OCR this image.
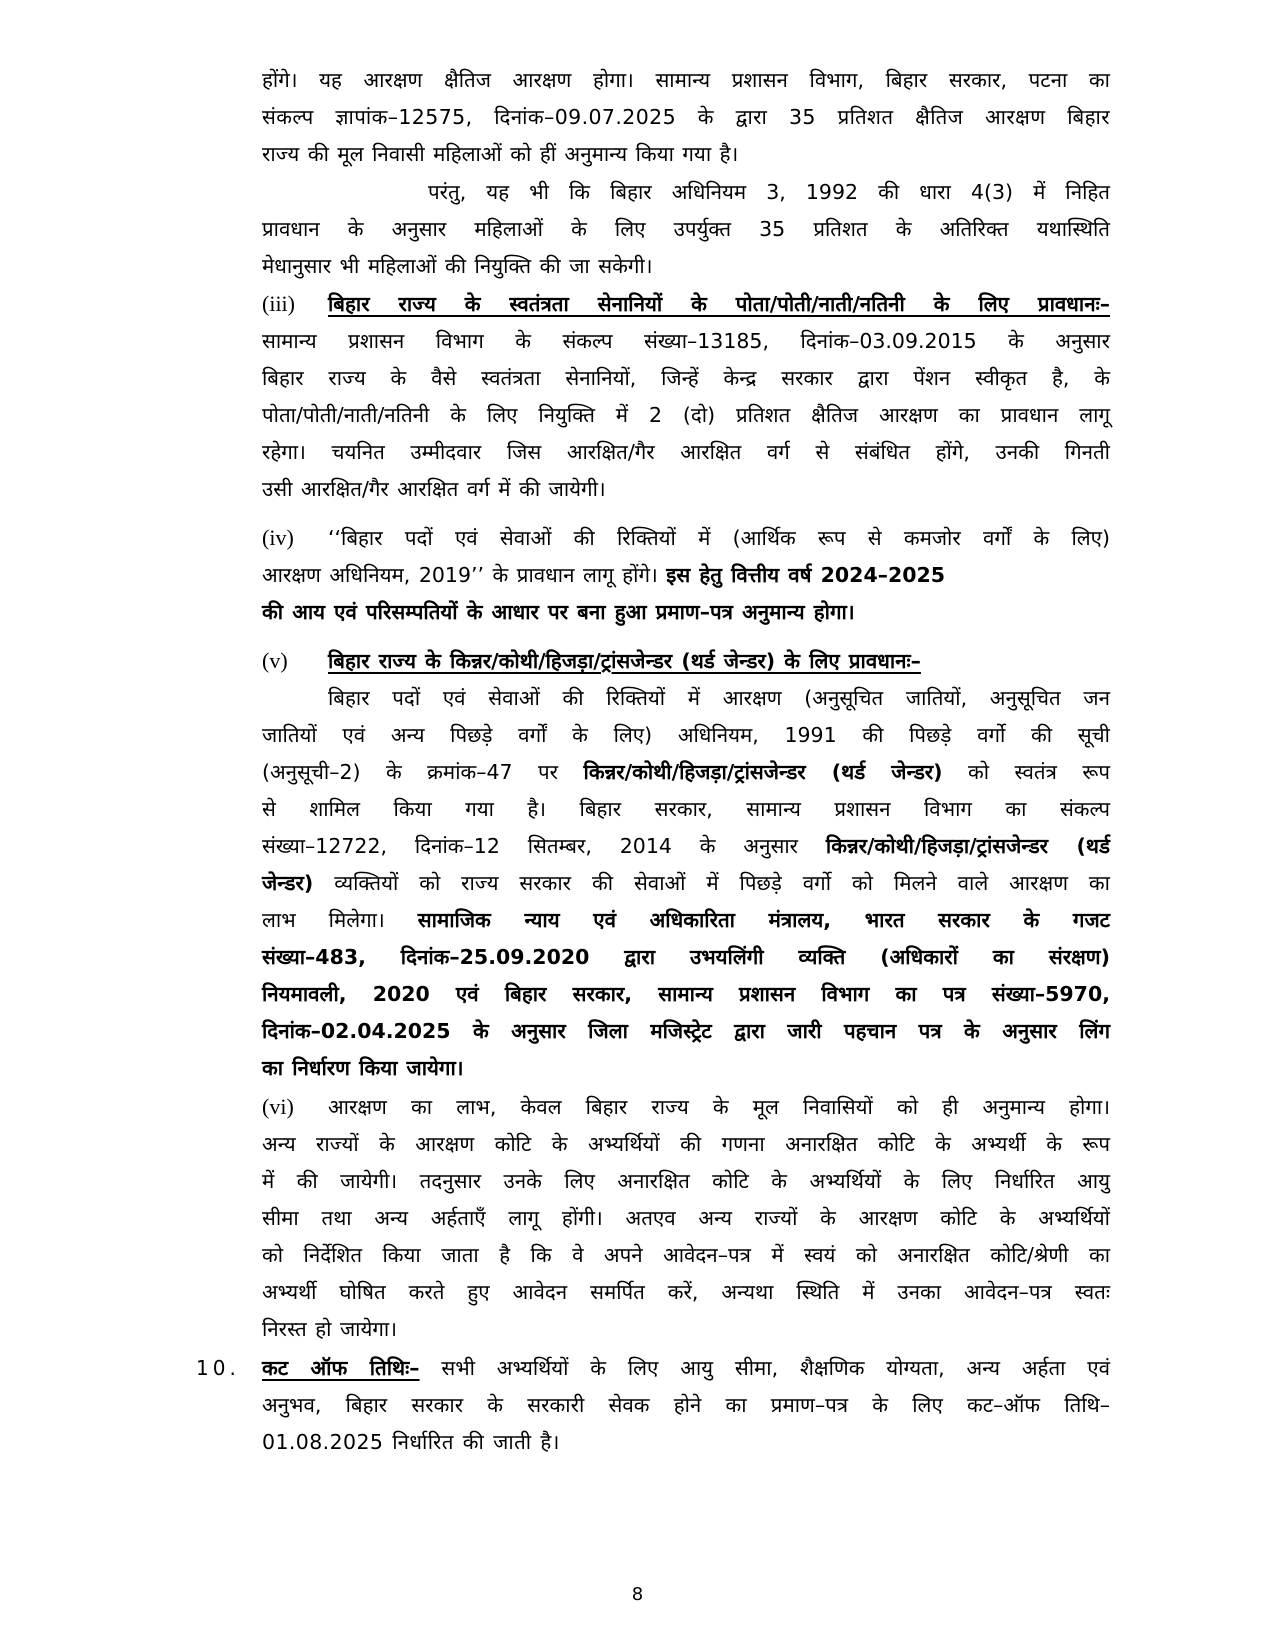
होंगे। यह आरक्षण क्षैतिज आरक्षण होगा। सामान्य प्रशासन विभाग, बिहार सरकार, पटना का
संकल्प ज्ञापांक–12575, दिनांक–09.07.2025 के द्वारा 35 प्रतिशत क्षैतिज आरक्षण बिहार
राज्य की मूल निवासी महिलाओं को हीं अनुमान्य किया गया है।
परंतु, यह भी कि बिहार अधिनियम 3, 1992 की धारा 4(3) में निहित
प्रावधान के अनुसार महिलाओं के लिए उपर्युक्त 35 प्रतिशत के अतिरिक्त यथास्थिति
मेधानुसार भी महिलाओं की नियुक्ति की जा सकेगी।
(iii) बिहार राज्य के स्वतंत्रता सेनानियों के पोता/पोती/नाती/नतिनी के लिए प्रावधानः–
सामान्य प्रशासन विभाग के संकल्प संख्या–13185, दिनांक–03.09.2015 के अनुसार
बिहार राज्य के वैसे स्वतंत्रता सेनानियों, जिन्हें केन्द्र सरकार द्वारा पेंशन स्वीकृत है, के
पोता/पोती/नाती/नतिनी के लिए नियुक्ति में 2 (दो) प्रतिशत क्षैतिज आरक्षण का प्रावधान लागू
रहेगा। चयनित उम्मीदवार जिस आरक्षित/गैर आरक्षित वर्ग से संबंधित होंगे, उनकी गिनती
उसी आरक्षित/गैर आरक्षित वर्ग में की जायेगी।
(iv) ‘‘बिहार पदों एवं सेवाओं की रिक्तियों में (आर्थिक रूप से कमजोर वर्गों के लिए)
आरक्षण अधिनियम, 2019’’ के प्रावधान लागू होंगे। इस हेतु वित्तीय वर्ष 2024–2025
की आय एवं परिसम्पतियों के आधार पर बना हुआ प्रमाण–पत्र अनुमान्य होगा।
(v) बिहार राज्य के किन्नर/कोथी/हिजड़ा/ट्रांसजेन्डर (थर्ड जेन्डर) के लिए प्रावधानः–
बिहार पदों एवं सेवाओं की रिक्तियों में आरक्षण (अनुसूचित जातियों, अनुसूचित जन
जातियों एवं अन्य पिछड़े वर्गों के लिए) अधिनियम, 1991 की पिछड़े वर्गो की सूची
(अनुसूची–2) के क्रमांक–47 पर किन्नर/कोथी/हिजड़ा/ट्रांसजेन्डर (थर्ड जेन्डर) को स्वतंत्र रूप
से शामिल किया गया है। बिहार सरकार, सामान्य प्रशासन विभाग का संकल्प
संख्या–12722, दिनांक–12 सितम्बर, 2014 के अनुसार किन्नर/कोथी/हिजड़ा/ट्रांसजेन्डर (थर्ड
जेन्डर) व्यक्तियों को राज्य सरकार की सेवाओं में पिछड़े वर्गो को मिलने वाले आरक्षण का
लाभ मिलेगा। सामाजिक न्याय एवं अधिकारिता मंत्रालय, भारत सरकार के गजट
संख्या–483, दिनांक–25.09.2020 द्वारा उभयलिंगी व्यक्ति (अधिकारों का संरक्षण)
नियमावली, 2020 एवं बिहार सरकार, सामान्य प्रशासन विभाग का पत्र संख्या–5970,
दिनांक–02.04.2025 के अनुसार जिला मजिस्ट्रेट द्वारा जारी पहचान पत्र के अनुसार लिंग
का निर्धारण किया जायेगा।
(vi) आरक्षण का लाभ, केवल बिहार राज्य के मूल निवासियों को ही अनुमान्य होगा।
अन्य राज्यों के आरक्षण कोटि के अभ्यर्थियों की गणना अनारक्षित कोटि के अभ्यर्थी के रूप
में की जायेगी। तदनुसार उनके लिए अनारक्षित कोटि के अभ्यर्थियों के लिए निर्धारित आयु
सीमा तथा अन्य अर्हताएँ लागू होंगी। अतएव अन्य राज्यों के आरक्षण कोटि के अभ्यर्थियों
को निर्देशित किया जाता है कि वे अपने आवेदन–पत्र में स्वयं को अनारक्षित कोटि/श्रेणी का
अभ्यर्थी घोषित करते हुए आवेदन समर्पित करें, अन्यथा स्थिति में उनका आवेदन–पत्र स्वतः
निरस्त हो जायेगा।
10. कट ऑफ तिथिः– सभी अभ्यर्थियों के लिए आयु सीमा, शैक्षणिक योग्यता, अन्य अर्हता एवं
अनुभव, बिहार सरकार के सरकारी सेवक होने का प्रमाण–पत्र के लिए कट–ऑफ तिथि–
01.08.2025 निर्धारित की जाती है।
8
